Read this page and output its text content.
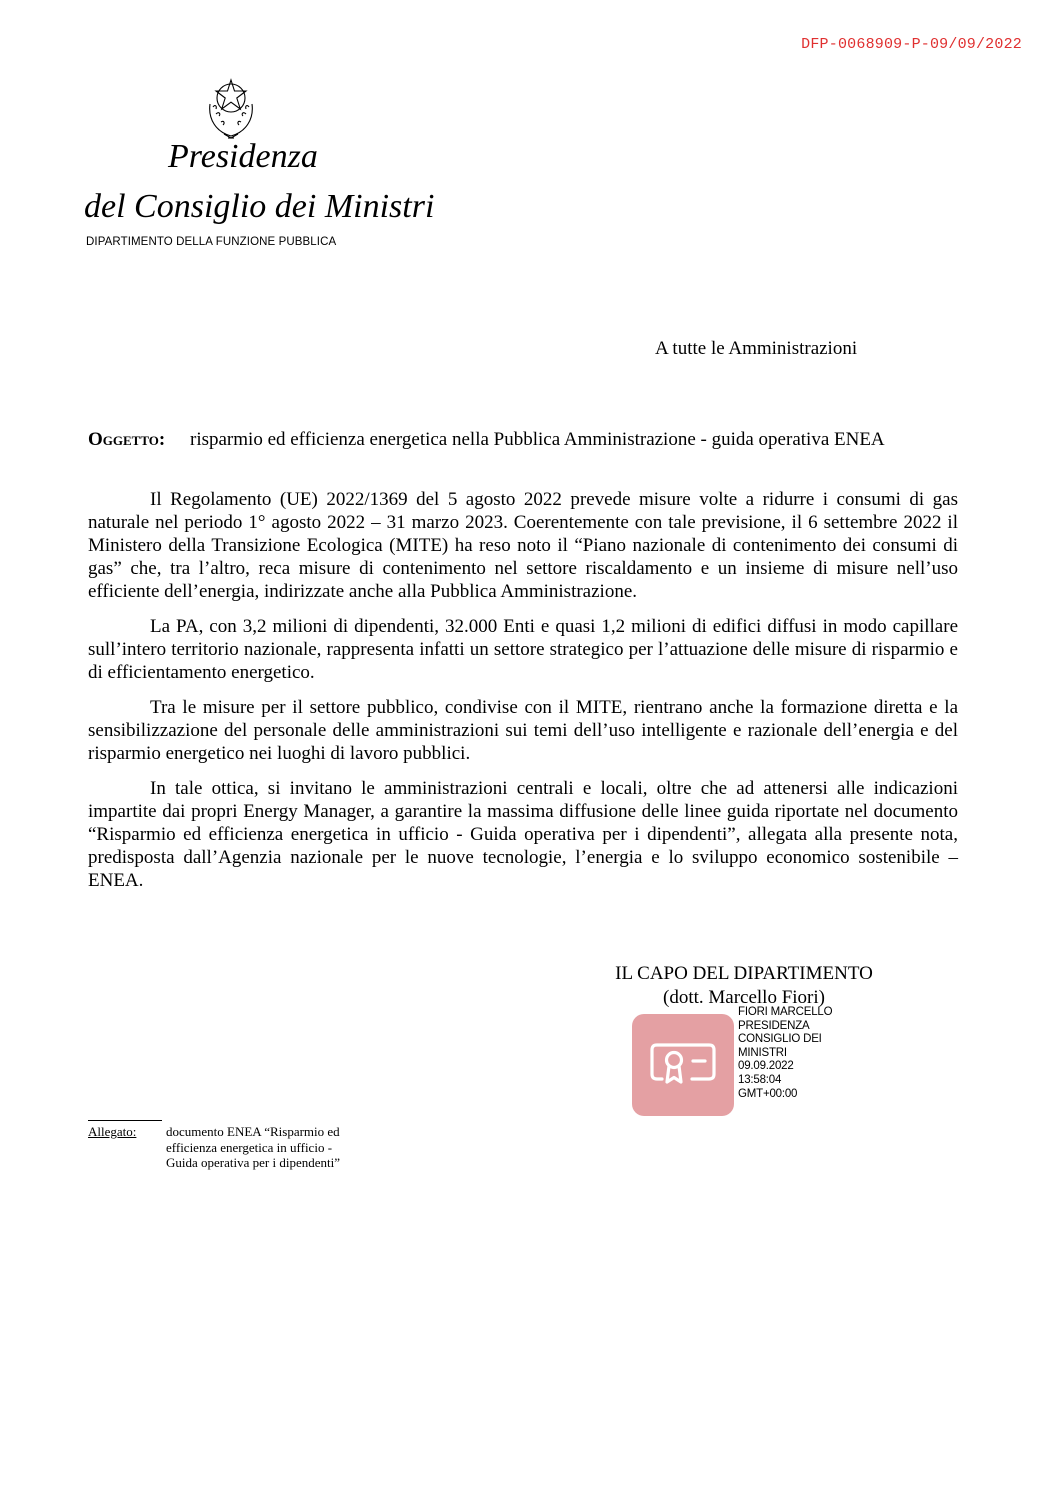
DFP-0068909-P-09/09/2022
Presidenza
del Consiglio dei Ministri
DIPARTIMENTO DELLA FUNZIONE PUBBLICA
A tutte le Amministrazioni
Oggetto: risparmio ed efficienza energetica nella Pubblica Amministrazione - guida operativa ENEA

Il Regolamento (UE) 2022/1369 del 5 agosto 2022 prevede misure volte a ridurre i consumi di gas naturale nel periodo 1° agosto 2022 – 31 marzo 2023. Coerentemente con tale previsione, il 6 settembre 2022 il Ministero della Transizione Ecologica (MITE) ha reso noto il “Piano nazionale di contenimento dei consumi di gas” che, tra l’altro, reca misure di contenimento nel settore riscaldamento e un insieme di misure nell’uso efficiente dell’energia, indirizzate anche alla Pubblica Amministrazione.

La PA, con 3,2 milioni di dipendenti, 32.000 Enti e quasi 1,2 milioni di edifici diffusi in modo capillare sull’intero territorio nazionale, rappresenta infatti un settore strategico per l’attuazione delle misure di risparmio e di efficientamento energetico.

Tra le misure per il settore pubblico, condivise con il MITE, rientrano anche la formazione diretta e la sensibilizzazione del personale delle amministrazioni sui temi dell’uso intelligente e razionale dell’energia e del risparmio energetico nei luoghi di lavoro pubblici.

In tale ottica, si invitano le amministrazioni centrali e locali, oltre che ad attenersi alle indicazioni impartite dai propri Energy Manager, a garantire la massima diffusione delle linee guida riportate nel documento “Risparmio ed efficienza energetica in ufficio - Guida operativa per i dipendenti”, allegata alla presente nota, predisposta dall’Agenzia nazionale per le nuove tecnologie, l’energia e lo sviluppo economico sostenibile – ENEA.

IL CAPO DEL DIPARTIMENTO
(dott. Marcello Fiori)
FIORI MARCELLO
PRESIDENZA
CONSIGLIO DEI
MINISTRI
09.09.2022
13:58:04
GMT+00:00
Allegato: documento ENEA “Risparmio ed
efficienza energetica in ufficio -
Guida operativa per i dipendenti”
